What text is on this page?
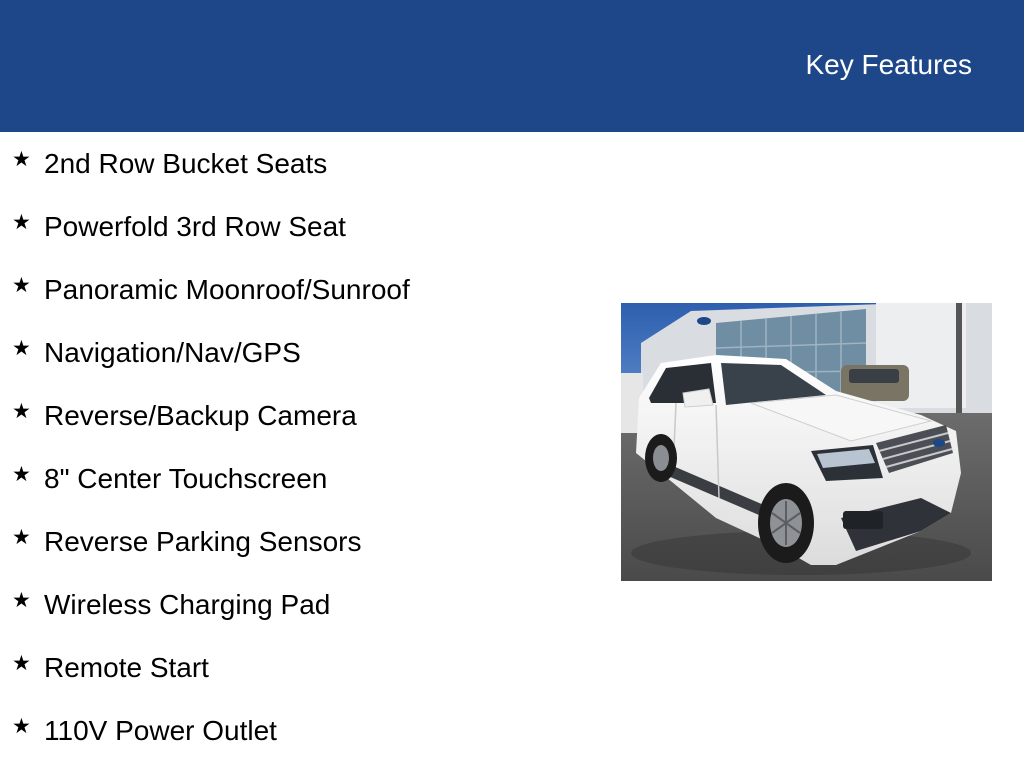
Key Features
★ 2nd Row Bucket Seats
★ Powerfold 3rd Row Seat
★ Panoramic Moonroof/Sunroof
★ Navigation/Nav/GPS
★ Reverse/Backup Camera
★ 8" Center Touchscreen
★ Reverse Parking Sensors
★ Wireless Charging Pad
★ Remote Start
★ 110V Power Outlet
